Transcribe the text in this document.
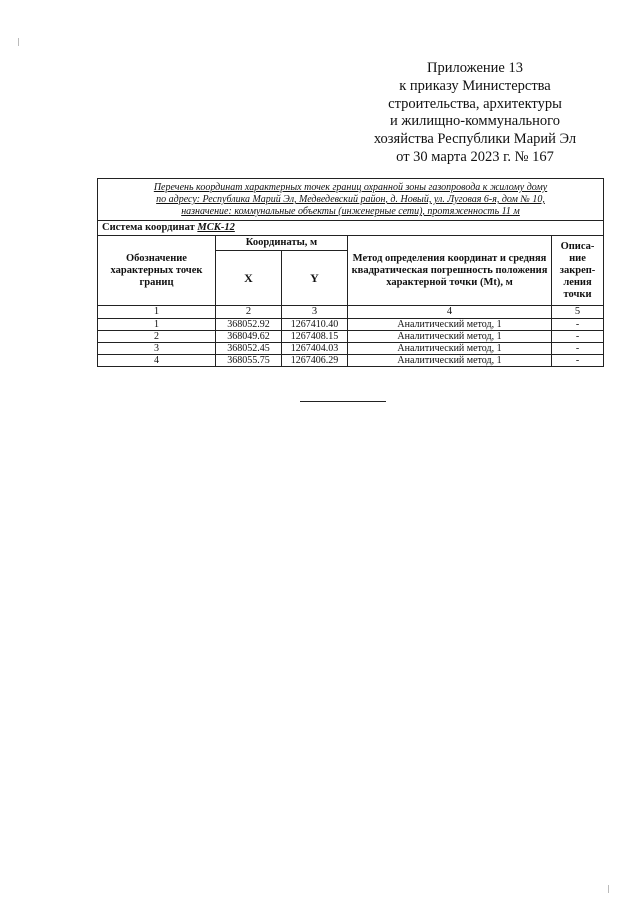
Приложение 13
к приказу Министерства
строительства, архитектуры
и жилищно-коммунального
хозяйства Республики Марий Эл
от 30 марта 2023 г. № 167
Перечень координат характерных точек границ охранной зоны газопровода к жилому дому
по адресу: Республика Марий Эл, Медведевский район, д. Новый, ул. Луговая 6-я, дом № 10,
назначение: коммунальные объекты (инженерные сети), протяженность 11 м				

Система координат МСК-12				
Обозначение характерных точек границ	Координаты, м		Метод определения координат и средняя квадратическая погрешность положения характерной точки (Mt), м	Описа-ние закреп-ления точки
	X	Y		
1	2	3	4	5
1	368052.92	1267410.40	Аналитический метод, 1	-
2	368049.62	1267408.15	Аналитический метод, 1	-
3	368052.45	1267404.03	Аналитический метод, 1	-
4	368055.75	1267406.29	Аналитический метод, 1	-
